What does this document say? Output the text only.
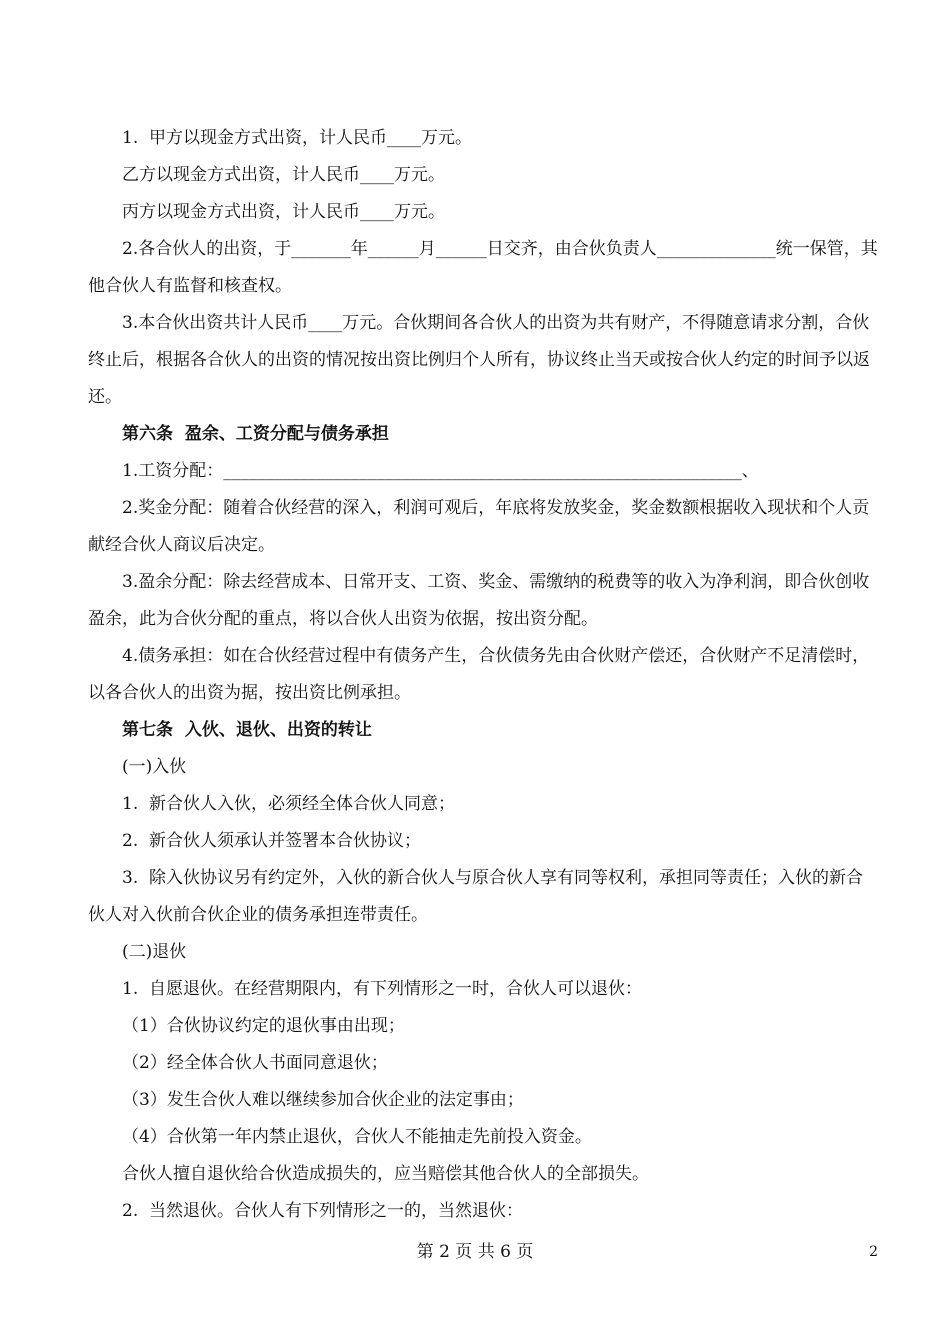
1.  甲方以现金方式出资，计人民币____万元。

乙方以现金方式出资，计人民币____万元。

丙方以现金方式出资，计人民币____万元。

2.各合伙人的出资，于_______年______月______日交齐，由合伙负责人______________统一保管，其他合伙人有监督和核查权。

3.本合伙出资共计人民币____万元。合伙期间各合伙人的出资为共有财产，不得随意请求分割，合伙终止后，根据各合伙人的出资的情况按出资比例归个人所有，协议终止当天或按合伙人约定的时间予以返还。

第六条  盈余、工资分配与债务承担

1.工资分配：_____________________________________________________________、

2.奖金分配：随着合伙经营的深入，利润可观后，年底将发放奖金，奖金数额根据收入现状和个人贡献经合伙人商议后决定。

3.盈余分配：除去经营成本、日常开支、工资、奖金、需缴纳的税费等的收入为净利润，即合伙创收盈余，此为合伙分配的重点，将以合伙人出资为依据，按出资分配。

4.债务承担：如在合伙经营过程中有债务产生，合伙债务先由合伙财产偿还，合伙财产不足清偿时，以各合伙人的出资为据，按出资比例承担。

第七条  入伙、退伙、出资的转让

(一)入伙

1.  新合伙人入伙，必须经全体合伙人同意；

2.  新合伙人须承认并签署本合伙协议；

3.  除入伙协议另有约定外，入伙的新合伙人与原合伙人享有同等权利，承担同等责任；入伙的新合伙人对入伙前合伙企业的债务承担连带责任。

(二)退伙

1.  自愿退伙。在经营期限内，有下列情形之一时，合伙人可以退伙：

（1）合伙协议约定的退伙事由出现；

（2）经全体合伙人书面同意退伙；

（3）发生合伙人难以继续参加合伙企业的法定事由；

（4）合伙第一年内禁止退伙，合伙人不能抽走先前投入资金。

合伙人擅自退伙给合伙造成损失的，应当赔偿其他合伙人的全部损失。

2.  当然退伙。合伙人有下列情形之一的，当然退伙：

第 2 页 共 6 页	2
